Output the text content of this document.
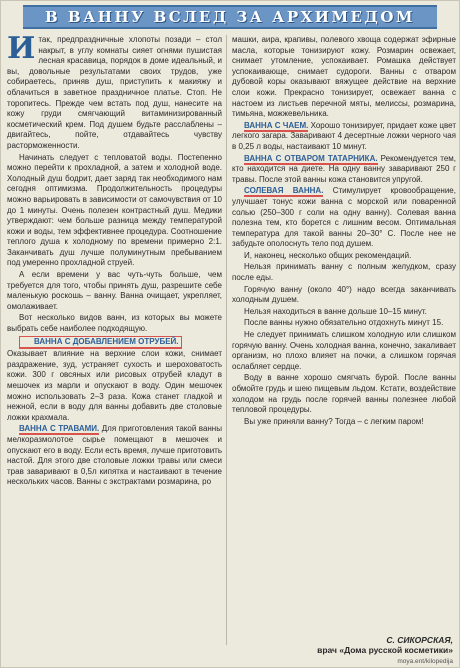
В ВАННУ ВСЛЕД ЗА АРХИМЕДОМ

И так, предпраздничные хлопоты позади – стол накрыт, в углу комнаты сияет огнями пушистая лесная красавица, порядок в доме идеальный, и вы, довольные результатами своих трудов, уже собираетесь, приняв душ, приступить к макияжу и облачиться в заветное праздничное платье. Стоп. Не торопитесь. Прежде чем встать под душ, нанесите на кожу груди смягчающий витаминизированный косметический крем. Под душем будьте расслаблены – двигайтесь, пойте, отдавайтесь чувству расторможенности.

Начинать следует с тепловатой воды. Постепенно можно перейти к прохладной, а затем и холодной воде. Холодный душ бодрит, дает заряд так необходимого нам сегодня оптимизма. Продолжительность процедуры можно варьировать в зависимости от самочувствия от 10 до 1 минуты. Очень полезен контрастный душ. Медики утверждают: чем больше разница между температурой кожи и воды, тем эффективнее процедура. Соотношение теплого душа к холодному по времени примерно 2:1. Заканчивать душ лучше полуминутным пребыванием под умеренно прохладной струей.

А если времени у вас чуть-чуть больше, чем требуется для того, чтобы принять душ, разрешите себе маленькую роскошь – ванну. Ванна очищает, укрепляет, омолаживает.

Вот несколько видов ванн, из которых вы можете выбрать себе наиболее подходящую.

ВАННА С ДОБАВЛЕНИЕМ ОТРУБЕЙ. Оказывает влияние на верхние слои кожи, снимает раздражение, зуд, устраняет сухость и шероховатость кожи. 300 г овсяных или рисовых отрубей кладут в мешочек из марли и опускают в воду. Один мешочек можно использовать 2–3 раза. Кожа станет гладкой и нежной, если в воду для ванны добавить две столовые ложки крахмала.

ВАННА С ТРАВАМИ. Для приготовления такой ванны мелкоразмолотое сырье помещают в мешочек и опускают его в воду. Если есть время, лучше приготовить настой. Для этого две столовые ложки травы или смеси трав заваривают в 0,5л кипятка и настаивают в течение нескольких часов. Ванны с экстрактами розмарина, ро

машки, аира, крапивы, полевого хвоща содержат эфирные масла, которые тонизируют кожу. Розмарин освежает, снимает утомление, успокаивает. Ромашка действует успокаивающе, снимает судороги. Ванны с отваром дубовой коры оказывают вяжущее действие на верхние слои кожи. Прекрасно тонизирует, освежает ванна с настоем из листьев перечной мяты, мелиссы, розмарина, тимьяна, можжевельника.

ВАННА С ЧАЕМ. Хорошо тонизирует, придает коже цвет легкого загара. Заваривают 4 десертные ложки черного чая в 0,25 л воды, настаивают 10 минут.

ВАННА С ОТВАРОМ ТАТАРНИКА. Рекомендуется тем, кто находится на диете. На одну ванну заваривают 250 г травы. После этой ванны кожа становится упругой.

СОЛЕВАЯ ВАННА. Стимулирует кровообращение, улучшает тонус кожи ванна с морской или поваренной солью (250–300 г соли на одну ванну). Солевая ванна полезна тем, кто борется с лишним весом. Оптимальная температура для такой ванны 20–30° С. После нее не забудьте ополоснуть тело под душем.

И, наконец, несколько общих рекомендаций.

Нельзя принимать ванну с полным желудком, сразу после еды.

Горячую ванну (около 40°) надо всегда заканчивать холодным душем.

Нельзя находиться в ванне дольше 10–15 минут.

После ванны нужно обязательно отдохнуть минут 15.

Не следует принимать слишком холодную или слишком горячую ванну. Очень холодная ванна, конечно, закаливает организм, но плохо влияет на почки, а слишком горячая ослабляет сердце.

Воду в ванне хорошо смягчать бурой. После ванны обмойте грудь и шею пищевым льдом. Кстати, воздействие холодом на грудь после горячей ванны полезнее любой тепловой процедуры.

Вы уже приняли ванну? Тогда – с легким паром!

С. СИКОРСКАЯ,
врач «Дома русской косметики»
moya.ent/kilopedija
